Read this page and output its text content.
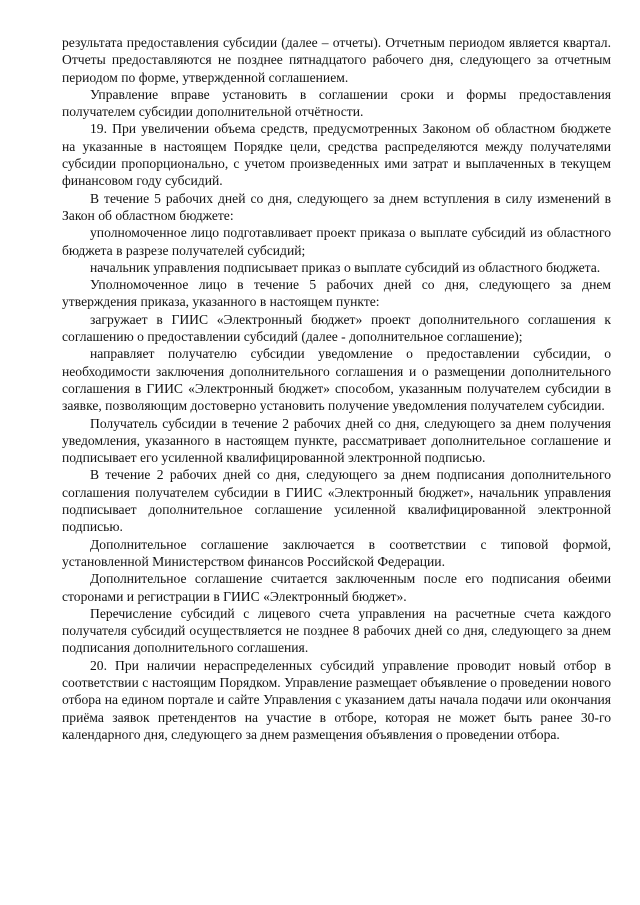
результата предоставления субсидии (далее – отчеты). Отчетным периодом является квартал. Отчеты предоставляются не позднее пятнадцатого рабочего дня, следующего за отчетным периодом по форме, утвержденной соглашением.

Управление вправе установить в соглашении сроки и формы предоставления получателем субсидии дополнительной отчётности.

19. При увеличении объема средств, предусмотренных Законом об областном бюджете на указанные в настоящем Порядке цели, средства распределяются между получателями субсидии пропорционально, с учетом произведенных ими затрат и выплаченных в текущем финансовом году субсидий.

В течение 5 рабочих дней со дня, следующего за днем вступления в силу изменений в Закон об областном бюджете:

уполномоченное лицо подготавливает проект приказа о выплате субсидий из областного бюджета в разрезе получателей субсидий;

начальник управления подписывает приказ о выплате субсидий из областного бюджета.

Уполномоченное лицо в течение 5 рабочих дней со дня, следующего за днем утверждения приказа, указанного в настоящем пункте:

загружает в ГИИС «Электронный бюджет» проект дополнительного соглашения к соглашению о предоставлении субсидий (далее - дополнительное соглашение);

направляет получателю субсидии уведомление о предоставлении субсидии, о необходимости заключения дополнительного соглашения и о размещении дополнительного соглашения в ГИИС «Электронный бюджет» способом, указанным получателем субсидии в заявке, позволяющим достоверно установить получение уведомления получателем субсидии.

Получатель субсидии в течение 2 рабочих дней со дня, следующего за днем получения уведомления, указанного в настоящем пункте, рассматривает дополнительное соглашение и подписывает его усиленной квалифицированной электронной подписью.

В течение 2 рабочих дней со дня, следующего за днем подписания дополнительного соглашения получателем субсидии в ГИИС «Электронный бюджет», начальник управления подписывает дополнительное соглашение усиленной квалифицированной электронной подписью.

Дополнительное соглашение заключается в соответствии с типовой формой, установленной Министерством финансов Российской Федерации.

Дополнительное соглашение считается заключенным после его подписания обеими сторонами и регистрации в ГИИС «Электронный бюджет».

Перечисление субсидий с лицевого счета управления на расчетные счета каждого получателя субсидий осуществляется не позднее 8 рабочих дней со дня, следующего за днем подписания дополнительного соглашения.

20. При наличии нераспределенных субсидий управление проводит новый отбор в соответствии с настоящим Порядком. Управление размещает объявление о проведении нового отбора на едином портале и сайте Управления с указанием даты начала подачи или окончания приёма заявок претендентов на участие в отборе, которая не может быть ранее 30-го календарного дня, следующего за днем размещения объявления о проведении отбора.
